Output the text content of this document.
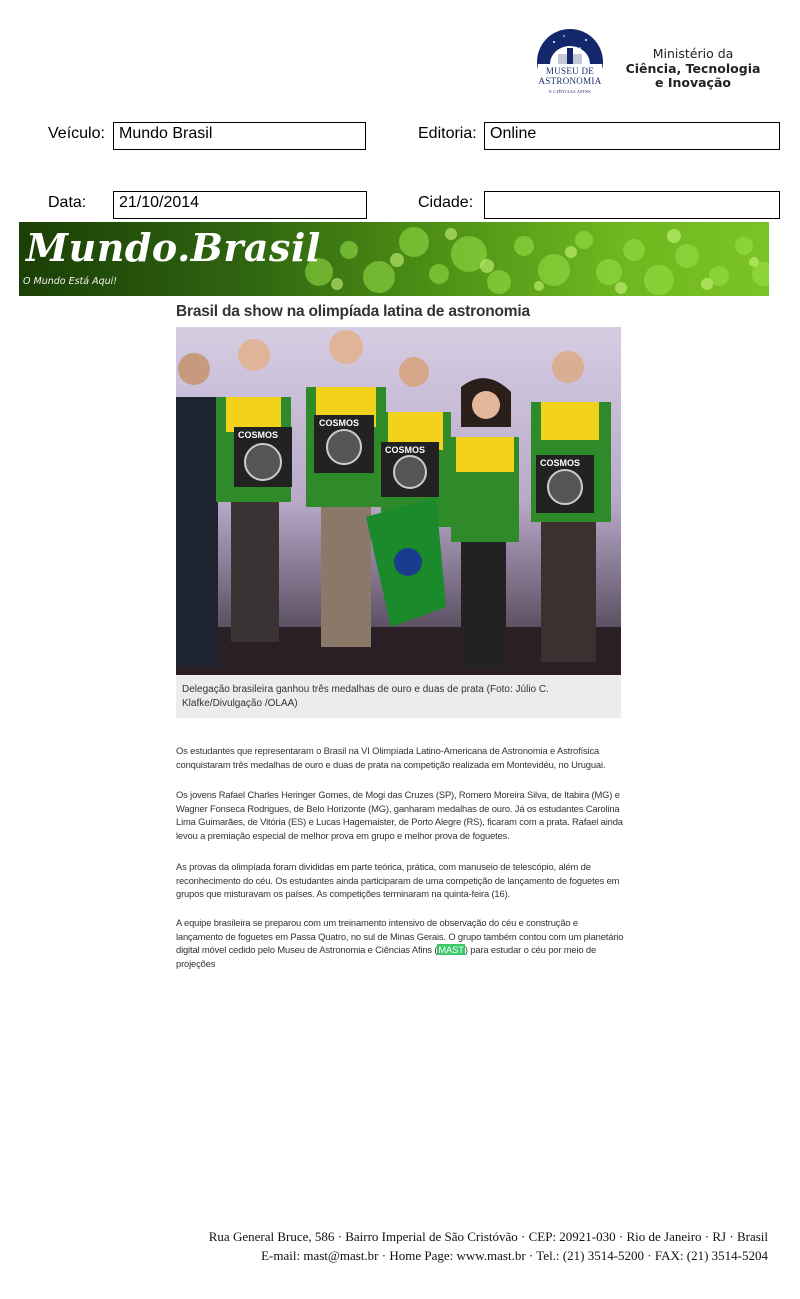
MUSEU DE
ASTRONOMIA
E CIÊNCIAS AFINS
Ministério da
Ciência, Tecnologia
e Inovação
Veículo: Mundo Brasil	Editoria: Online
Data:	21/10/2014	Cidade:
Mundo.Brasil
O Mundo Está Aqui!
Brasil da show na olimpíada latina de astronomia
COSMOS
COSMOS
COSMOS
COSMOS
Delegação brasileira ganhou três medalhas de ouro e duas de prata (Foto: Júlio C. Klafke/Divulgação /OLAA)
Os estudantes que representaram o Brasil na VI Olimpíada Latino-Americana de Astronomia e Astrofísica conquistaram três medalhas de ouro e duas de prata na competição realizada em Montevidéu, no Uruguai.
Os jovens Rafael Charles Heringer Gomes, de Mogi das Cruzes (SP), Romero Moreira Silva, de Itabira (MG) e Wagner Fonseca Rodrigues, de Belo Horizonte (MG), ganharam medalhas de ouro. Já os estudantes Carolina Lima Guimarães, de Vitória (ES) e Lucas Hagemaister, de Porto Alegre (RS), ficaram com a prata. Rafael ainda levou a premiação especial de melhor prova em grupo e melhor prova de foguetes.
As provas da olimpíada foram divididas em parte teórica, prática, com manuseio de telescópio, além de reconhecimento do céu. Os estudantes ainda participaram de uma competição de lançamento de foguetes em grupos que misturavam os países. As competições terminaram na quinta-feira (16).
A equipe brasileira se preparou com um treinamento intensivo de observação do céu e construção e lançamento de foguetes em Passa Quatro, no sul de Minas Gerais. O grupo também contou com um planetário digital móvel cedido pelo Museu de Astronomia e Ciências Afins (MAST) para estudar o céu por meio de projeções
Rua General Bruce, 586 · Bairro Imperial de São Cristóvão · CEP: 20921-030 · Rio de Janeiro · RJ · Brasil
E-mail: mast@mast.br · Home Page: www.mast.br · Tel.: (21) 3514-5200 · FAX: (21) 3514-5204
